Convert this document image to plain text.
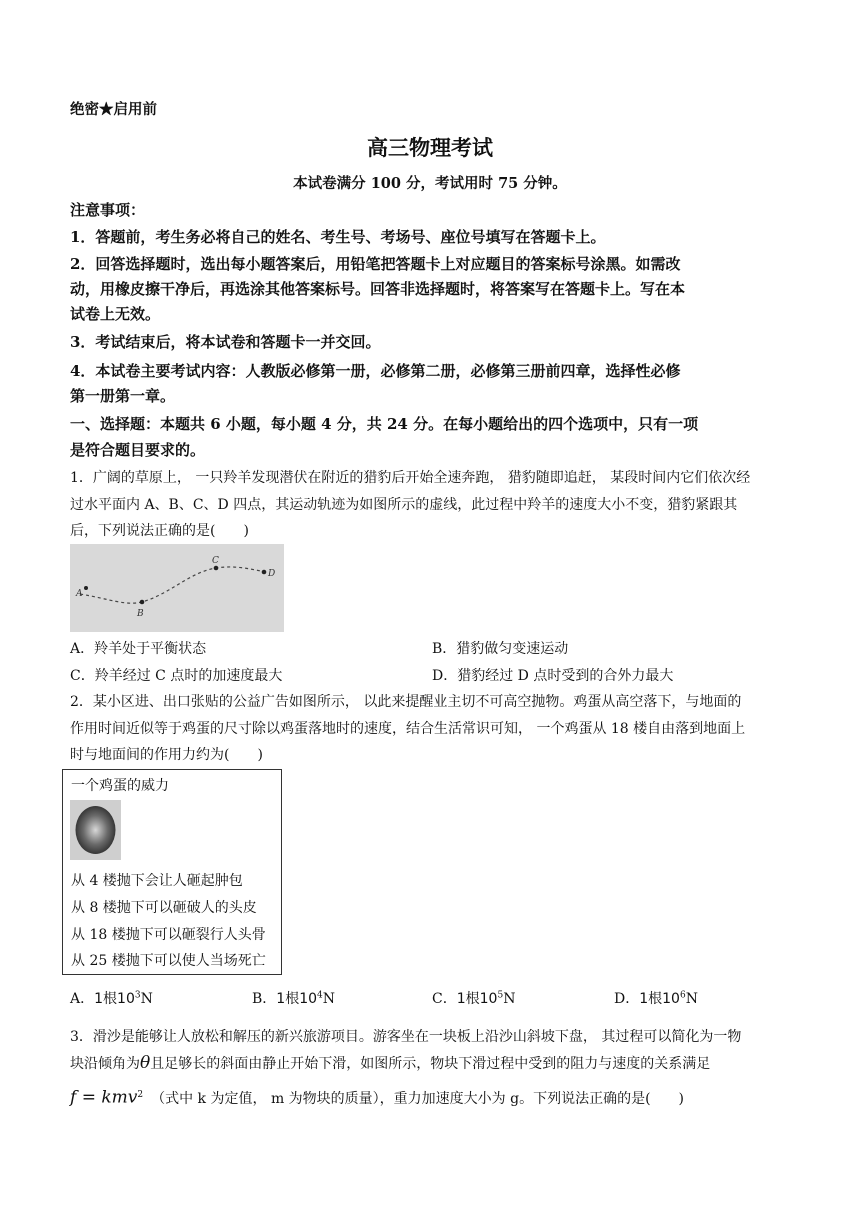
绝密★启用前
高三物理考试
本试卷满分 100 分，考试用时 75 分钟。
注意事项：
1．答题前，考生务必将自己的姓名、考生号、考场号、座位号填写在答题卡上。
2．回答选择题时，选出每小题答案后，用铅笔把答题卡上对应题目的答案标号涂黑。如需改
动，用橡皮擦干净后，再选涂其他答案标号。回答非选择题时，将答案写在答题卡上。写在本
试卷上无效。
3．考试结束后，将本试卷和答题卡一并交回。
4．本试卷主要考试内容：人教版必修第一册，必修第二册，必修第三册前四章，选择性必修
第一册第一章。
一、选择题：本题共 6 小题，每小题 4 分，共 24 分。在每小题给出的四个选项中，只有一项
是符合题目要求的。
1．广阔的草原上， 一只羚羊发现潜伏在附近的猎豹后开始全速奔跑， 猎豹随即追赶， 某段时间内它们依次经
过水平面内 A、B、C、D 四点，其运动轨迹为如图所示的虚线，此过程中羚羊的速度大小不变，猎豹紧跟其
后，下列说法正确的是(　　)
A
B
C
D
A．羚羊处于平衡状态	B．猎豹做匀变速运动
C．羚羊经过 C 点时的加速度最大	D．猎豹经过 D 点时受到的合外力最大
2．某小区进、出口张贴的公益广告如图所示， 以此来提醒业主切不可高空抛物。鸡蛋从高空落下，与地面的
作用时间近似等于鸡蛋的尺寸除以鸡蛋落地时的速度，结合生活常识可知， 一个鸡蛋从 18 楼自由落到地面上
时与地面间的作用力约为(　　)
一个鸡蛋的威力
从 4 楼抛下会让人砸起肿包
从 8 楼抛下可以砸破人的头皮
从 18 楼抛下可以砸裂行人头骨
从 25 楼抛下可以使人当场死亡
A．1根$10^3N$	B．1根$10^4N$	C．1根$10^5N$	D．1根$10^6N$
3．滑沙是能够让人放松和解压的新兴旅游项目。游客坐在一块板上沿沙山斜坡下盘， 其过程可以简化为一物
块沿倾角为θ且足够长的斜面由静止开始下滑，如图所示，物块下滑过程中受到的阻力与速度的关系满足
f = kmv$^2$ （式中 k 为定值， m 为物块的质量），重力加速度大小为 g。下列说法正确的是(　　)
